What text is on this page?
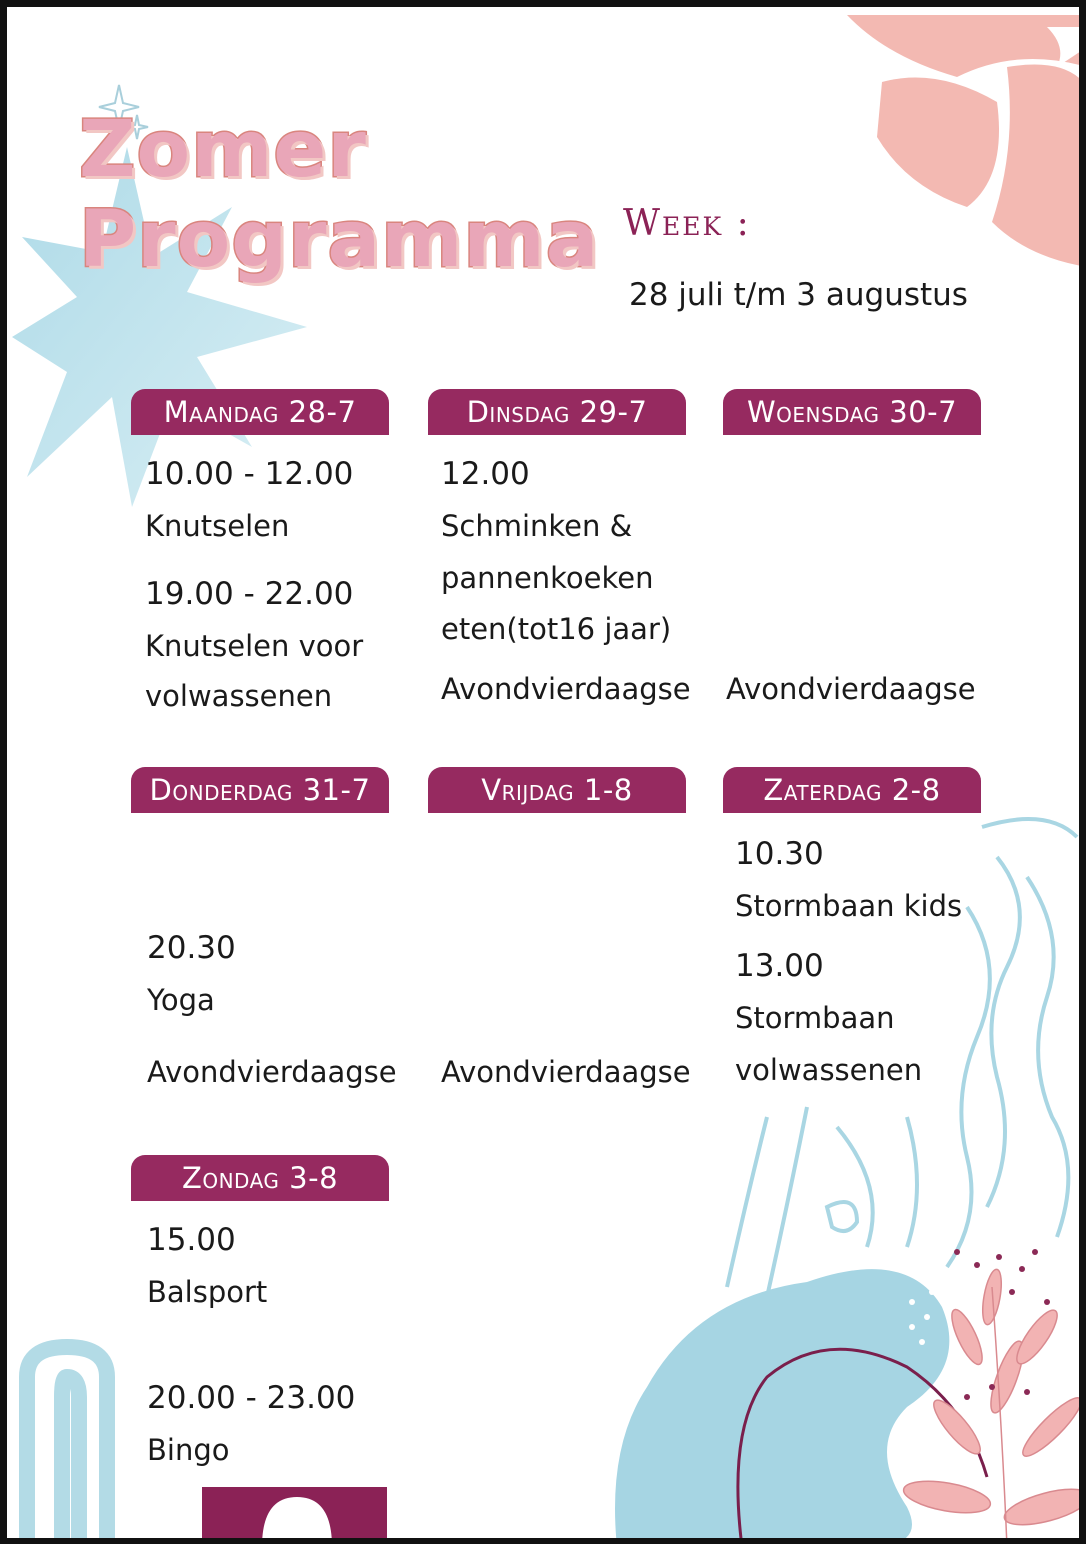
Zomer
Programma Week :
28 juli t/m 3 augustus
Maandag 28-7
10.00 - 12.00
Knutselen
19.00 - 22.00
Knutselen voor
volwassenen
Dinsdag 29-7
12.00
Schminken &
pannenkoeken
eten(tot16 jaar)
Avondvierdaagse
Woensdag 30-7
Avondvierdaagse
Donderdag 31-7
20.30
Yoga
Avondvierdaagse
Vrijdag 1-8
Avondvierdaagse
Zaterdag 2-8
10.30
Stormbaan kids
13.00
Stormbaan
volwassenen
Zondag 3-8
15.00
Balsport
20.00 - 23.00
Bingo
